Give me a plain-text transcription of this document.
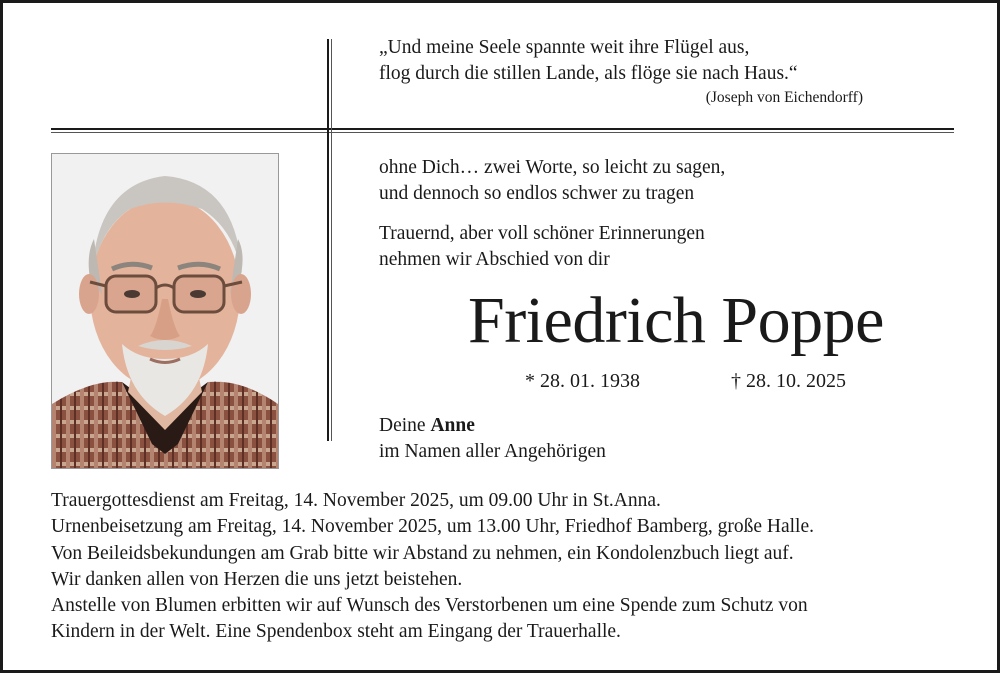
„Und meine Seele spannte weit ihre Flügel aus,
flog durch die stillen Lande, als flöge sie nach Haus.“
(Joseph von Eichendorff)
ohne Dich… zwei Worte, so leicht zu sagen,
und dennoch so endlos schwer zu tragen
Trauernd, aber voll schöner Erinnerungen
nehmen wir Abschied von dir
Friedrich Poppe
* 28. 01. 1938	† 28. 10. 2025
Deine Anne
im Namen aller Angehörigen
Trauergottesdienst am Freitag, 14. November 2025, um 09.00 Uhr in St.Anna.
Urnenbeisetzung am Freitag, 14. November 2025, um 13.00 Uhr, Friedhof Bamberg, große Halle.
Von Beileidsbekundungen am Grab bitte wir Abstand zu nehmen, ein Kondolenzbuch liegt auf.
Wir danken allen von Herzen die uns jetzt beistehen.
Anstelle von Blumen erbitten wir auf Wunsch des Verstorbenen um eine Spende zum Schutz von
Kindern in der Welt. Eine Spendenbox steht am Eingang der Trauerhalle.
